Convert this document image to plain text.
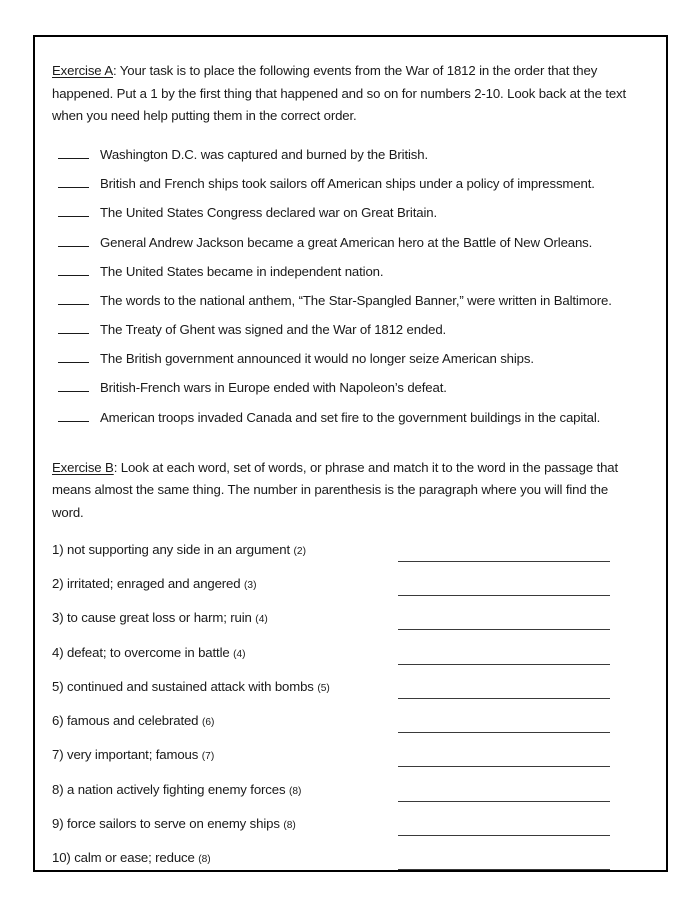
Exercise A: Your task is to place the following events from the War of 1812 in the order that they happened. Put a 1 by the first thing that happened and so on for numbers 2-10. Look back at the text when you need help putting them in the correct order.

Washington D.C. was captured and burned by the British.
British and French ships took sailors off American ships under a policy of impressment.
The United States Congress declared war on Great Britain.
General Andrew Jackson became a great American hero at the Battle of New Orleans.
The United States became in independent nation.
The words to the national anthem, “The Star-Spangled Banner,” were written in Baltimore.
The Treaty of Ghent was signed and the War of 1812 ended.
The British government announced it would no longer seize American ships.
British-French wars in Europe ended with Napoleon’s defeat.
American troops invaded Canada and set fire to the government buildings in the capital.

Exercise B: Look at each word, set of words, or phrase and match it to the word in the passage that means almost the same thing. The number in parenthesis is the paragraph where you will find the word.

1) not supporting any side in an argument (2)
2) irritated; enraged and angered (3)
3) to cause great loss or harm; ruin (4)
4) defeat; to overcome in battle (4)
5) continued and sustained attack with bombs (5)
6) famous and celebrated (6)
7) very important; famous (7)
8) a nation actively fighting enemy forces (8)
9) force sailors to serve on enemy ships (8)
10) calm or ease; reduce (8)
